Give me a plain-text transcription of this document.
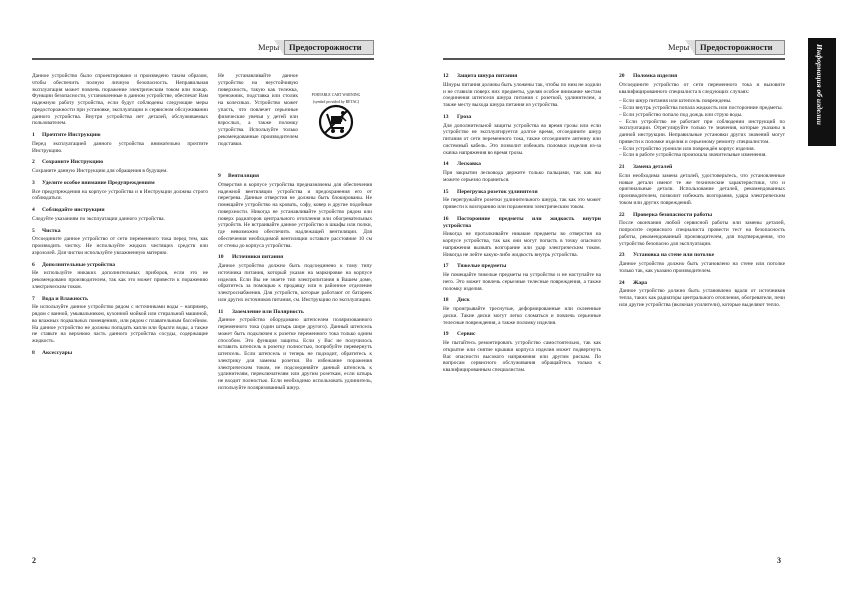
Меры	Предосторожности

Данное устройство было спроектировано и произведено таким образом, чтобы обеспечить полную личную безопасность. Неправильная эксплуатация может повлечь поражение электрическим током или пожар. Функции безопасности, установленные в данном устройстве, обеспечат Вам надежную работу устройства, если будут соблюдены следующие меры предосторожности при установке, эксплуатации и сервисном обслуживании данного устройства. Внутри устройства нет деталей, обслуживаемых пользователем.

1 Прочтите Инструкцию

Перед эксплуатацией данного устройства внимательно прочтите Инструкцию.

2 Сохраните Инструкцию

Сохраните данную Инструкцию для обращения в будущем.

3 Уделите особое внимание Предупреждениям

Все предупреждения на корпусе устройства и в Инструкции должны строго соблюдаться.

4 Соблюдайте инструкции

Следуйте указаниям по эксплуатации данного устройства.

5 Чистка

Отсоедините данное устройство от сети переменного тока перед тем, как производить чистку. Не используйте жидких чистящих средств или аэрозолей. Для чистки используйте увлажненную материю.

6 Дополнительные устройства

Не используйте никаких дополнительных приборов, если это не рекомендовано производителем, так как это может привести к поражению электрическим током.

7 Вода и Влажность

Не используйте данное устройство рядом с источниками воды – например, рядом с ванной, умывальником, кухонной мойкой или стиральной машиной, во влажных подвальных помещениях, или рядом с плавательным бассейном. На данное устройство не должны попадать капли или брызги воды, а также не ставьте на верхнюю часть данного устройства сосуды, содержащие жидкость.

8 Аксессуары

Не устанавливайте данное устройство на неустойчивую поверхность, такую как тележка, треножник, подставка или столик на колесиках. Устройство может упасть, что повлечет серьезные физические увечья у детей или взрослых, а также поломку устройства. Используйте только рекомендованные производителем подставки.

PORTABLE CART WARNING
(symbol provided by RETAC)
9 Вентиляция

Отверстия в корпусе устройства предназначены для обеспечения надежной вентиляции устройства и предохранения его от перегрева. Данные отверстия не должны быть блокированы. Не помещайте устройство на кровать, софу, ковер и другие подобные поверхности. Никогда не устанавливайте устройство рядом или поверх радиаторов центрального отопления или обогревательных устройств. Не встраивайте данное устройство в шкафы или полки, где невозможно обеспечить надлежащей вентиляции. Для обеспечения необходимой вентиляции оставьте расстояние 10 см от стены до корпуса устройства.

10 Источники питания

Данное устройство должно быть подсоединено к тому типу источника питания, который указан на маркировке на корпусе изделия. Если Вы не знаете тип электропитания в Вашем доме, обратитесь за помощью к продавцу или в районное отделение электроснабжения. Для устройств, которые работают от батареек или других источников питания, см. Инструкцию по эксплуатации.

11 Заземление или Полярность

Данное устройство оборудовано штепселем поляризованного переменного тока (один штырь шире другого). Данный штепсель может быть подключен к розетке переменного тока только одним способом. Это функция защиты. Если у Вас не получилось вставить штепсель в розетку полностью, попробуйте перевернуть штепсель. Если штепсель и теперь не подходит, обратитесь к электрику для замены розетки. Во избежание поражения электрическим током, не подсоединяйте данный штепсель к удлинителям, переключателям или другим розеткам, если штырь не входит полностью. Если необходимо использовать удлинитель, используйте поляризованный шнур.

2
Меры	Предосторожности
12 Защита шнура питания

Шнуры питания должны быть уложены так, чтобы по ним не ходили и не ставили поверх них предметы, уделяя особое внимание местам соединения штепселя шнура питания с розеткой, удлинителем, а также месту выхода шнура питания из устройства.

13 Гроза

Для дополнительной защиты устройства во время грозы или если устройство не эксплуатируется долгое время, отсоедините шнур питания от сети переменного тока, также отсоедините антенну или системный кабель. Это позволит избежать поломки изделия из-за скачка напряжения во время грозы.

14 Лесковка

При закрытии лесковода держите только пальцами, так как вы можете серьезно пораниться.

15 Перегрузка розеток удлинителя

Не перегружайте розетки удлинительного шнура, так как это может привести к возгоранию или поражению электрическим током.

16 Посторонние предметы или жидкость внутри устройства

Никогда не проталкивайте никакие предметы во отверстия на корпусе устройства, так как они могут попасть в точку опасного напряжения вызвать возгорание или удар электрическим током. Никогда не лейте какую-либо жидкость внутрь устройства.

17 Тяжелые предметы

Не помещайте тяжелые предметы на устройство и не наступайте на него. Это может повлечь серьезные телесные повреждения, а также поломку изделия.

18 Диск

Не проигрывайте треснутые, деформированные или склеенные диски. Такие диски могут легко сломаться и повлечь серьезные телесные повреждения, а также поломку изделия.

19 Сервис

Не пытайтесь ремонтировать устройство самостоятельно, так как открытие или снятие крышки корпуса изделия может подвергнуть Вас опасности высокого напряжения или другим рискам. По вопросам сервисного обслуживания обращайтесь только к квалифицированным специалистам.

20 Поломка изделия

Отсоедините устройство от сети переменного тока и вызовите квалифицированного специалиста в следующих случаях:

– Если шнур питания или штепсель повреждены.

– Если внутрь устройства попала жидкость или посторонние предметы.

– Если устройство попало под дождь или струю воды.

– Если устройство не работает при соблюдении инструкций по эксплуатации. Отрегулируйте только те значения, которые указаны в данной инструкции. Неправильные установки других значений могут привести к поломке изделия и серьезному ремонту специалистом.

– Если устройство уронили или повреждён корпус изделия.

– Если в работе устройства произошла значительные изменения.

21 Замена деталей

Если необходима замена деталей, удостоверьтесь, что установленные новые детали имеют те же технические характеристики, что и оригинальные детали. Использование деталей, рекомендованных производителем, позволит избежать возгорания, удара электрическим током или других повреждений.

22 Проверка безопасности работы

После окончания любой сервисной работы или замены деталей, попросите сервисного специалиста провести тест на безопасность работы, рекомендованный производителем, для подтверждения, что устройство безопасно для эксплуатации.

23 Установка на стене или потолке

Данное устройство должно быть установлено на стене или потолке только так, как указано производителем.

24 Жара

Данное устройство должно быть установлено вдали от источников тепла, таких как радиаторы центрального отопления, обогреватели, печи или другие устройства (включая усилители), которые выделяют тепло.

3
Информация об изделии
